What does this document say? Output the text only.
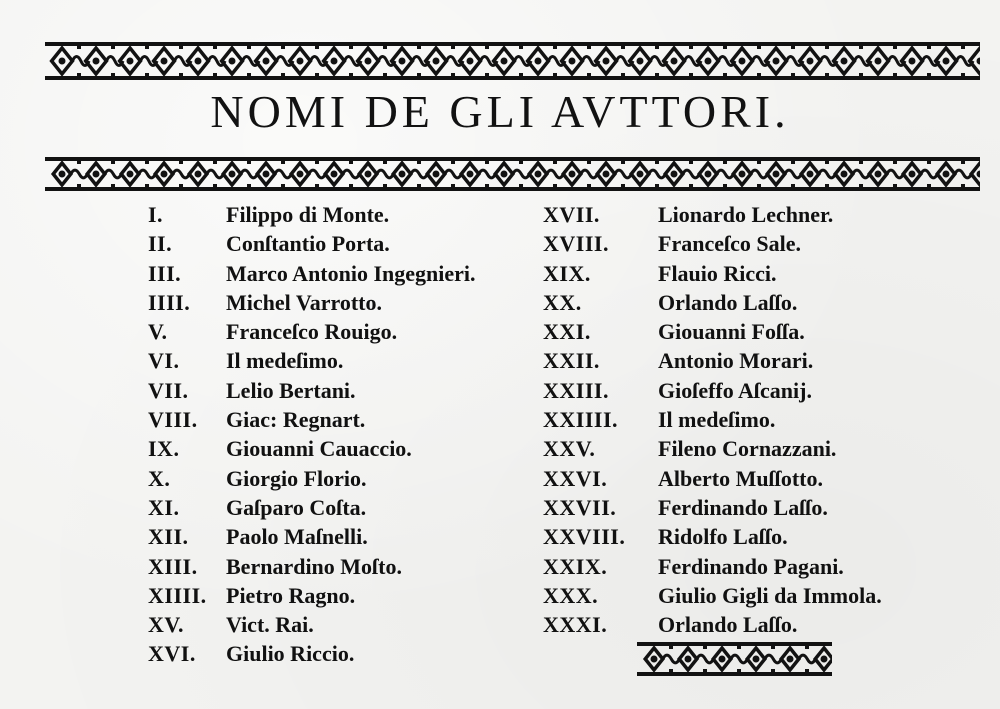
NOMI DE GLI AVTTORI.
I.	Filippo di Monte.
II.	Conſtantio Porta.
III.	Marco Antonio Ingegnieri.
IIII.	Michel Varrotto.
V.	Franceſco Rouigo.
VI.	Il medeſimo.
VII.	Lelio Bertani.
VIII.	Giac: Regnart.
IX.	Giouanni Cauaccio.
X.	Giorgio Florio.
XI.	Gaſparo Coſta.
XII.	Paolo Maſnelli.
XIII.	Bernardino Moſto.
XIIII. Pietro Ragno.
XV.	Vict. Rai.
XVI.	Giulio Riccio.
XVII.	Lionardo Lechner.
XVIII.	Franceſco Sale.
XIX.	Flauio Ricci.
XX.	Orlando Laſſo.
XXI.	Giouanni Foſſa.
XXII.	Antonio Morari.
XXIII.	Gioſeffo Aſcanij.
XXIIII.	Il medeſimo.
XXV.	Fileno Cornazzani.
XXVI.	Alberto Muſſotto.
XXVII.	Ferdinando Laſſo.
XXVIII.	Ridolfo Laſſo.
XXIX.	Ferdinando Pagani.
XXX.	Giulio Gigli da Immola.
XXXI.	Orlando Laſſo.
